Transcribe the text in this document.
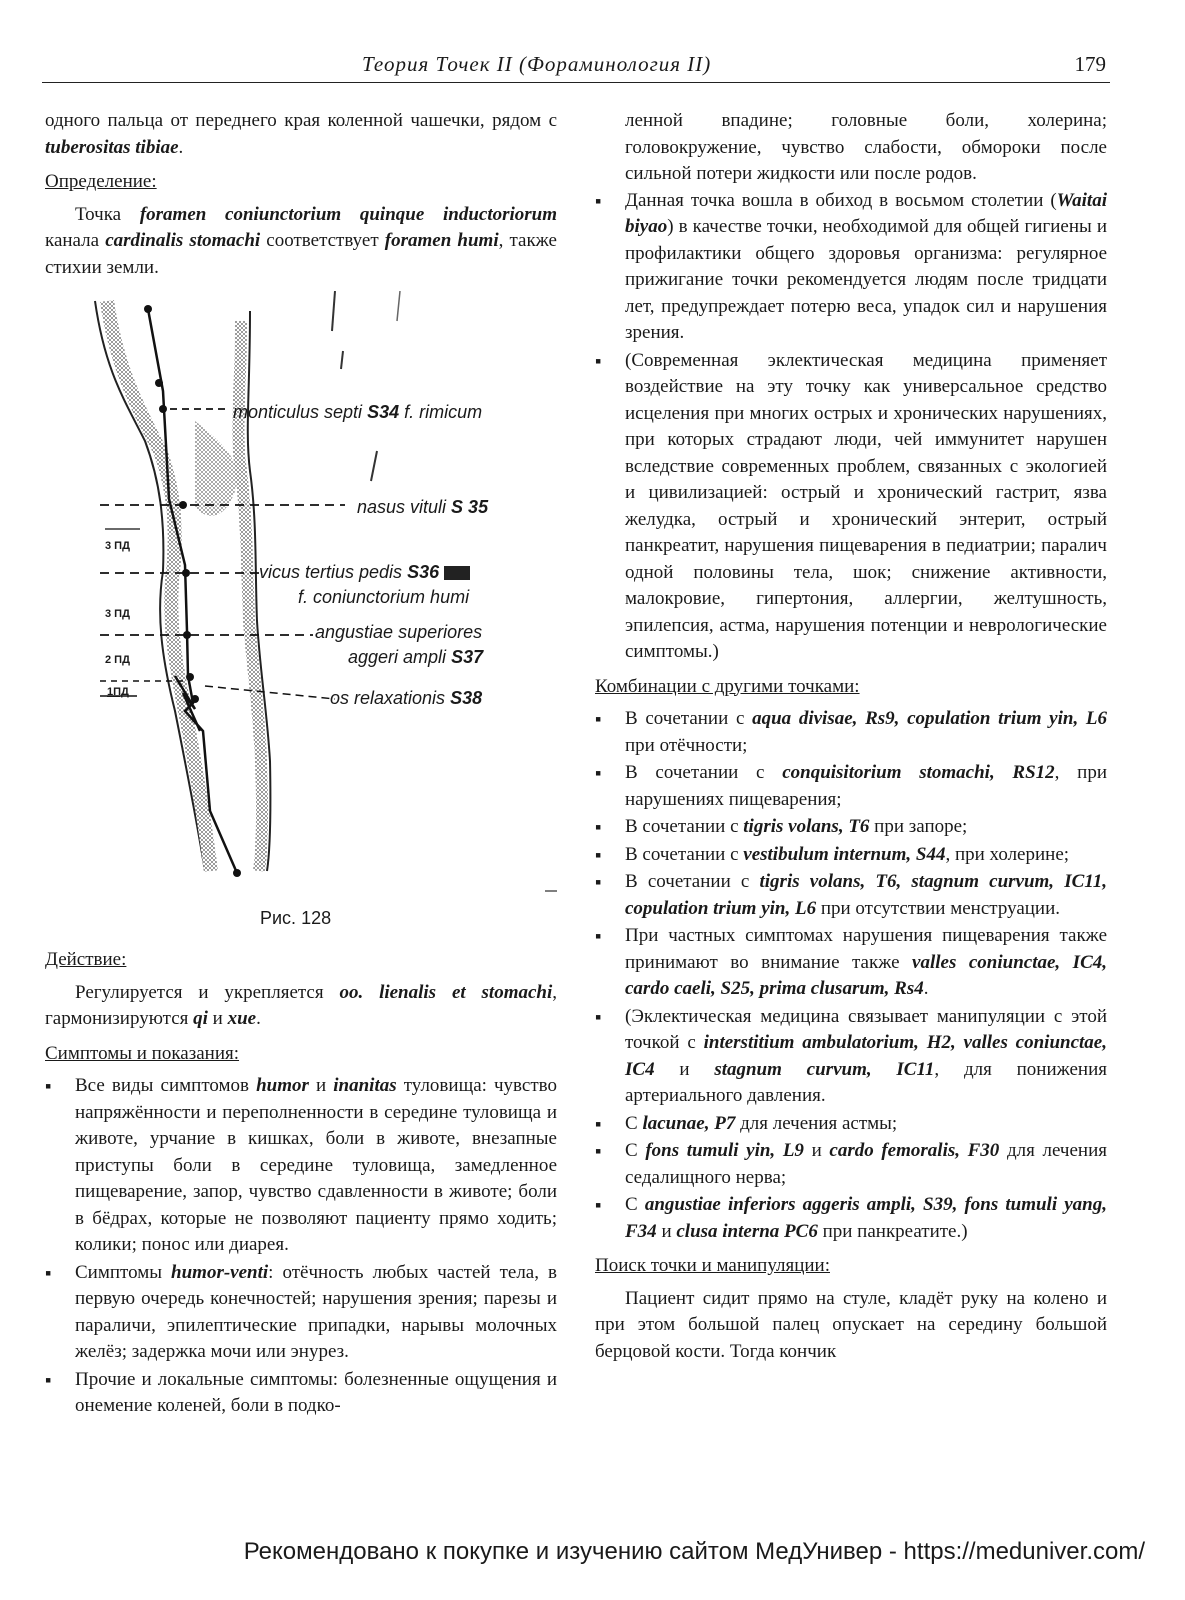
Теория Точек II (Фораминология II)	179

одного пальца от переднего края коленной чашечки, рядом с tuberositas tibiae.

Определение:

Точка foramen coniunctorium quinque inductoriorum канала cardinalis stomachi соответствует foramen humi, также стихии земли.

monticulus septi S34 f. rimicum
nasus vituli S 35
vicus tertius pedis S36
f. coniunctorium humi
angustiae superiores
aggeri ampli S37
os relaxationis S38
3 ПД
3 ПД
2 ПД
1ПД
Рис. 128

Действие:

Регулируется и укрепляется oo. lienalis et stomachi, гармонизируются qi и xue.

Симптомы и показания:

▪ Все виды симптомов humor и inanitas туловища: чувство напряжённости и переполненности в середине туловища и животе, урчание в кишках, боли в животе, внезапные приступы боли в середине туловища, замедленное пищеварение, запор, чувство сдавленности в животе; боли в бёдрах, которые не позволяют пациенту прямо ходить; колики; понос или диарея.
▪ Симптомы humor-venti: отёчность любых частей тела, в первую очередь конечностей; нарушения зрения; парезы и параличи, эпилептические припадки, нарывы молочных желёз; задержка мочи или энурез.
▪ Прочие и локальные симптомы: болезненные ощущения и онемение коленей, боли в подко-

ленной впадине; головные боли, холерина; головокружение, чувство слабости, обмороки после сильной потери жидкости или после родов.

▪ Данная точка вошла в обиход в восьмом столетии (Waitai biyao) в качестве точки, необходимой для общей гигиены и профилактики общего здоровья организма: регулярное прижигание точки рекомендуется людям после тридцати лет, предупреждает потерю веса, упадок сил и нарушения зрения.
▪ (Современная эклектическая медицина применяет воздействие на эту точку как универсальное средство исцеления при многих острых и хронических нарушениях, при которых страдают люди, чей иммунитет нарушен вследствие современных проблем, связанных с экологией и цивилизацией: острый и хронический гастрит, язва желудка, острый и хронический энтерит, острый панкреатит, нарушения пищеварения в педиатрии; паралич одной половины тела, шок; снижение активности, малокровие, гипертония, аллергии, желтушность, эпилепсия, астма, нарушения потенции и неврологические симптомы.)

Комбинации с другими точками:

▪ В сочетании с aqua divisae, Rs9, copulation trium yin, L6 при отёчности;
▪ В сочетании с conquisitorium stomachi, RS12, при нарушениях пищеварения;
▪ В сочетании с tigris volans, T6 при запоре;
▪ В сочетании с vestibulum internum, S44, при холерине;
▪ В сочетании с tigris volans, T6, stagnum curvum, IC11, copulation trium yin, L6 при отсутствии менструации.
▪ При частных симптомах нарушения пищеварения также принимают во внимание также valles coniunctae, IC4, cardo caeli, S25, prima clusarum, Rs4.
▪ (Эклектическая медицина связывает манипуляции с этой точкой с interstitium ambulatorium, H2, valles coniunctae, IC4 и stagnum curvum, IC11, для понижения артериального давления.
▪ С lacunae, P7 для лечения астмы;
▪ С fons tumuli yin, L9 и cardo femoralis, F30 для лечения седалищного нерва;
▪ С angustiae inferiors aggeris ampli, S39, fons tumuli yang, F34 и clusa interna PC6 при панкреатите.)

Поиск точки и манипуляции:

Пациент сидит прямо на стуле, кладёт руку на колено и при этом большой палец опускает на середину большой берцовой кости. Тогда кончик

Рекомендовано к покупке и изучению сайтом МедУнивер - https://meduniver.com/
